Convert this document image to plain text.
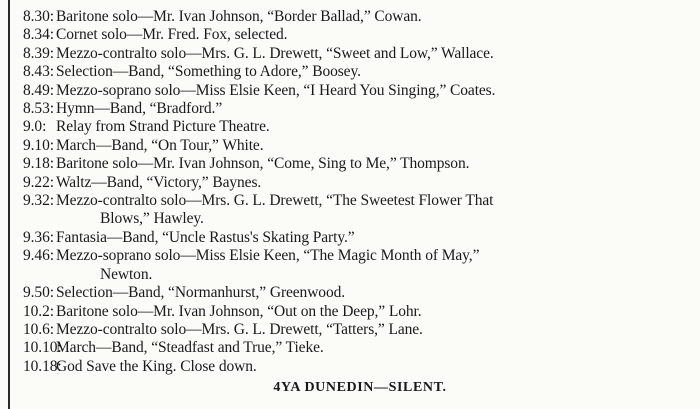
8.30: Baritone solo—Mr. Ivan Johnson, “Border Ballad,” Cowan.
8.34: Cornet solo—Mr. Fred. Fox, selected.
8.39: Mezzo-contralto solo—Mrs. G. L. Drewett, “Sweet and Low,” Wallace.
8.43: Selection—Band, “Something to Adore,” Boosey.
8.49: Mezzo-soprano solo—Miss Elsie Keen, “I Heard You Singing,” Coates.
8.53: Hymn—Band, “Bradford.”
9.0: Relay from Strand Picture Theatre.
9.10: March—Band, “On Tour,” White.
9.18: Baritone solo—Mr. Ivan Johnson, “Come, Sing to Me,” Thompson.
9.22: Waltz—Band, “Victory,” Baynes.
9.32: Mezzo-contralto solo—Mrs. G. L. Drewett, “The Sweetest Flower That
Blows,” Hawley.
9.36: Fantasia—Band, “Uncle Rastus's Skating Party.”
9.46: Mezzo-soprano solo—Miss Elsie Keen, “The Magic Month of May,”
Newton.
9.50: Selection—Band, “Normanhurst,” Greenwood.
10.2: Baritone solo—Mr. Ivan Johnson, “Out on the Deep,” Lohr.
10.6: Mezzo-contralto solo—Mrs. G. L. Drewett, “Tatters,” Lane.
10.10:
March—Band, “Steadfast and True,” Tieke.
10.18:
God Save the King. Close down.
4YA DUNEDIN—SILENT.
